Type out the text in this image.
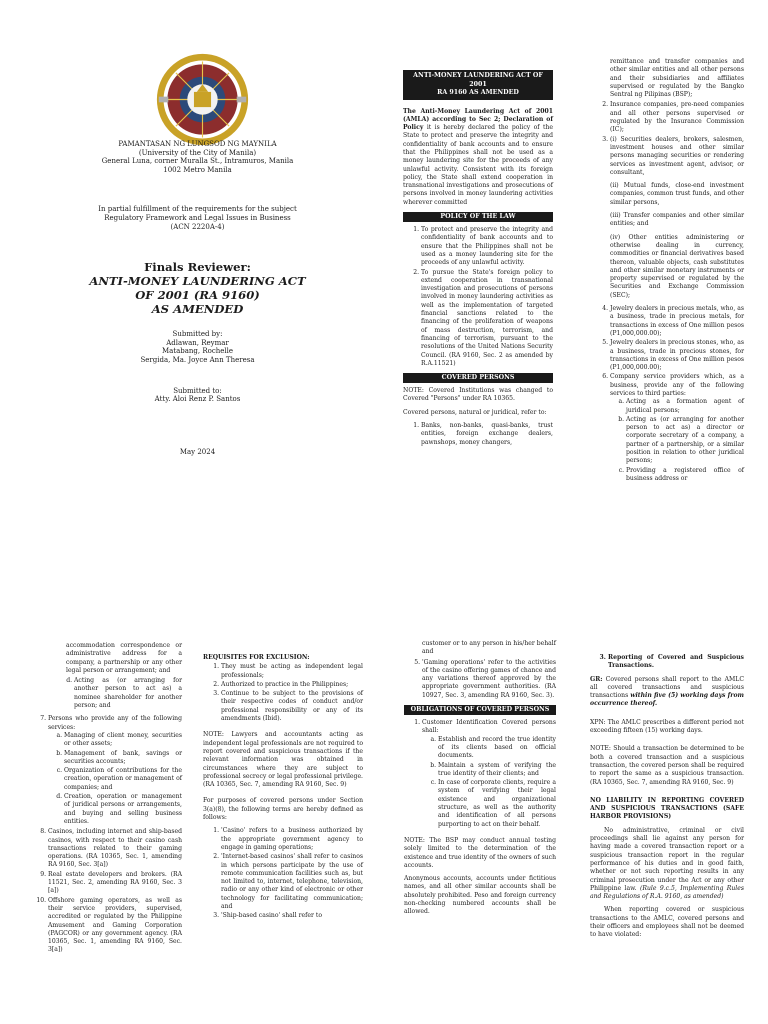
PAMANTASAN NG LUNGSOD NG MAYNILA
(University of the City of Manila)
General Luna, corner Muralla St., Intramuros, Manila
1002 Metro Manila
In partial fulfillment of the requirements for the subject
Regulatory Framework and Legal Issues in Business
(ACN 2220A-4)
Finals Reviewer:
ANTI-MONEY LAUNDERING ACT
OF 2001 (RA 9160)
AS AMENDED
Submitted by:
Adlawan, Reymar
Matabang, Rochelle
Sergida, Ma. Joyce Ann Theresa
Submitted to:
Atty. Aloi Renz P. Santos
May 2024
ANTI-MONEY LAUNDERING ACT OF 2001
RA 9160 AS AMENDED

The Anti-Money Laundering Act of 2001 (AMLA) according to Sec 2; Declaration of Policy it is hereby declared the policy of the State to protect and preserve the integrity and confidentiality of bank accounts and to ensure that the Philippines shall not be used as a money laundering site for the proceeds of any unlawful activity. Consistent with its foreign policy, the State shall extend cooperation in transnational investigations and prosecutions of persons involved in money laundering activities wherever committed

POLICY OF THE LAW
1. To protect and preserve the integrity and confidentiality of bank accounts and to ensure that the Philippines shall not be used as a money laundering site for the proceeds of any unlawful activity.
2. To pursue the State's foreign policy to extend cooperation in transnational investigation and prosecutions of persons involved in money laundering activities as well as the implementation of targeted financial sanctions related to the financing of the proliferation of weapons of mass destruction, terrorism, and financing of terrorism, pursuant to the resolutions of the United Nations Security Council. (RA 9160, Sec. 2 as amended by R.A.11521)
COVERED PERSONS

NOTE: Covered Institutions was changed to Covered "Persons" under RA 10365.

Covered persons, natural or juridical, refer to:

1. Banks, non-banks, quasi-banks, trust entities, foreign exchange dealers, pawnshops, money changers,

remittance and transfer companies and other similar entities and all other persons and their subsidiaries and affiliates supervised or regulated by the Bangko Sentral ng Pilipinas (BSP);

2. Insurance companies, pre-need companies and all other persons supervised or regulated by the Insurance Commission (IC);

3. (i) Securities dealers, brokers, salesmen, investment houses and other similar persons managing securities or rendering services as investment agent, advisor, or consultant,

(ii) Mutual funds, close-end investment companies, common trust funds, and other similar persons,

(iii) Transfer companies and other similar entities; and

(iv) Other entities administering or otherwise dealing in currency, commodities or financial derivatives based thereon, valuable objects, cash substitutes and other similar monetary instruments or property supervised or regulated by the Securities and Exchange Commission (SEC);

4. Jewelry dealers in precious metals, who, as a business, trade in precious metals, for transactions in excess of One million pesos (P1,000,000.00);
5. Jewelry dealers in precious stones, who, as a business, trade in precious stones, for transactions in excess of One million pesos (P1,000,000.00);
6. Company service providers which, as a business, provide any of the following services to third parties:
a. Acting as a formation agent of juridical persons;
b. Acting as (or arranging for another person to act as) a director or corporate secretary of a company, a partner of a partnership, or a similar position in relation to other juridical persons;
c. Providing a registered office of business address or

accommodation correspondence or administrative address for a company, a partnership or any other legal person or arrangement; and

d. Acting as (or arranging for another person to act as) a nominee shareholder for another person; and
7. Persons who provide any of the following services:
a. Managing of client money, securities or other assets;
b. Management of bank, savings or securities accounts;
c. Organization of contributions for the creation, operation or management of companies; and
d. Creation, operation or management of juridical persons or arrangements, and buying and selling business entities.
8. Casinos, including internet and ship-based casinos, with respect to their casino cash transactions related to their gaming operations. (RA 10365, Sec. 1, amending RA 9160, Sec. 3[a])
9. Real estate developers and brokers. (RA 11521, Sec. 2, amending RA 9160, Sec. 3 [a])
10. Offshore gaming operators, as well as their service providers, supervised, accredited or regulated by the Philippine Amusement and Gaming Corporation (PAGCOR) or any government agency. (RA 10365, Sec. 1, amending RA 9160, Sec. 3[a])

REQUISITES FOR EXCLUSION:

1. They must be acting as independent legal professionals;
2. Authorized to practice in the Philippines;
3. Continue to be subject to the provisions of their respective codes of conduct and/or professional responsibility or any of its amendments (Ibid).

NOTE: Lawyers and accountants acting as independent legal professionals are not required to report covered and suspicious transactions if the relevant information was obtained in circumstances where they are subject to professional secrecy or legal professional privilege. (RA 10365, Sec. 7, amending RA 9160, Sec. 9)

For purposes of covered persons under Section 3(a)(8), the following terms are hereby defined as follows:

1. 'Casino' refers to a business authorized by the appropriate government agency to engage in gaming operations;
2. 'Internet-based casinos' shall refer to casinos in which persons participate by the use of remote communication facilities such as, but not limited to, internet, telephone, television, radio or any other kind of electronic or other technology for facilitating communication; and
3. 'Ship-based casino' shall refer to

customer or to any person in his/her behalf and

5. 'Gaming operations' refer to the activities of the casino offering games of chance and any variations thereof approved by the appropriate government authorities. (RA 10927, Sec. 3, amending RA 9160, Sec. 3).
OBLIGATIONS OF COVERED PERSONS
1. Customer Identification Covered persons shall:
a. Establish and record the true identity of its clients based on official documents.
b. Maintain a system of verifying the true identity of their clients; and
c. In case of corporate clients, require a system of verifying their legal existence and organizational structure, as well as the authority and identification of all persons purporting to act on their behalf.

NOTE: The BSP may conduct annual testing solely limited to the determination of the existence and true identity of the owners of such accounts.

Anonymous accounts, accounts under fictitious names, and all other similar accounts shall be absolutely prohibited. Peso and foreign currency non-checking numbered accounts shall be allowed.

3. Reporting of Covered and Suspicious Transactions.

GR: Covered persons shall report to the AMLC all covered transactions and suspicious transactions within five (5) working days from occurrence thereof.

XPN: The AMLC prescribes a different period not exceeding fifteen (15) working days.

NOTE: Should a transaction be determined to be both a covered transaction and a suspicious transaction, the covered person shall be required to report the same as a suspicious transaction. (RA 10365, Sec. 7, amending RA 9160, Sec. 9)

NO LIABILITY IN REPORTING COVERED AND SUSPICIOUS TRANSACTIONS (SAFE HARBOR PROVISIONS)

No administrative, criminal or civil proceedings shall lie against any person for having made a covered transaction report or a suspicious transaction report in the regular performance of his duties and in good faith, whether or not such reporting results in any criminal prosecution under the Act or any other Philippine law. (Rule 9.c.5, Implementing Rules and Regulations of R.A. 9160, as amended)

When reporting covered or suspicious transactions to the AMLC, covered persons and their officers and employees shall not be deemed to have violated:
